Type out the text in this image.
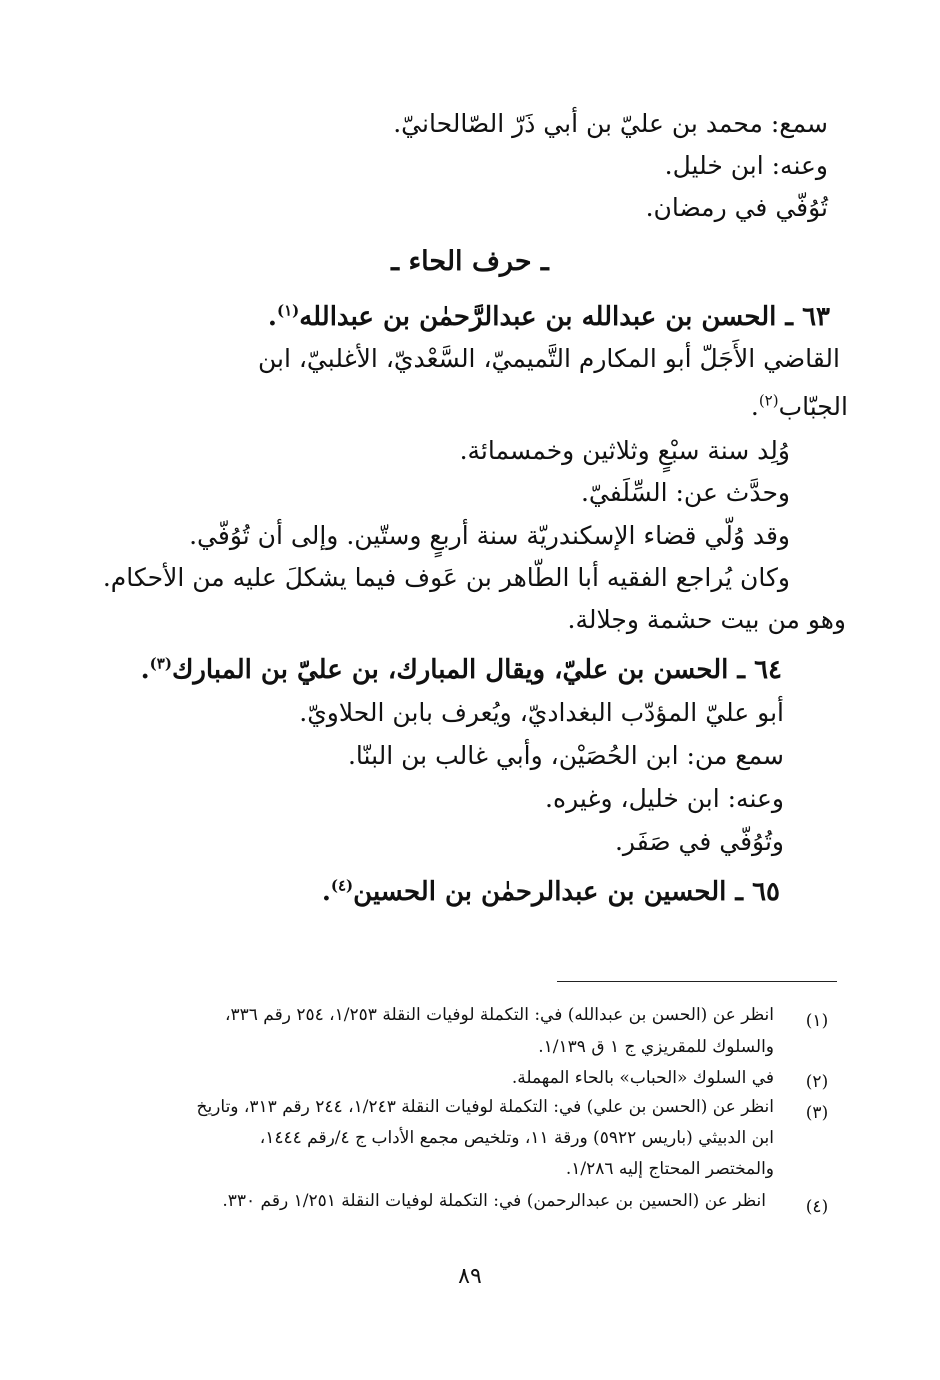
سمع: محمد بن عليّ بن أبي ذَرّ الصّالحانيّ.
وعنه: ابن خليل.
تُوُفّي في رمضان.
ـ حرف الحاء ـ
٦٣ ـ الحسن بن عبدالله بن عبدالرَّحمٰن بن عبدالله$^{(١)}$.
القاضي الأَجَلّ أبو المكارم التَّميميّ، السَّعْديّ، الأغلبيّ، ابن
الجبّاب$^{(٢)}$.
وُلِد سنة سبْعٍ وثلاثين وخمسمائة.
وحدَّث عن: السِّلَفيّ.
وقد وُلّي قضاء الإسكندريّة سنة أربعٍ وستّين. وإلى أن تُوُفّي.
وكان يُراجع الفقيه أبا الطّاهر بن عَوف فيما يشكلَ عليه من الأحكام.
وهو من بيت حشمة وجلالة.
٦٤ ـ الحسن بن عليّ، ويقال المبارك، بن عليّ بن المبارك$^{(٣)}$.
أبو عليّ المؤدّب البغداديّ، ويُعرف بابن الحلاويّ.
سمع من: ابن الحُصَيْن، وأبي غالب بن البنّا.
وعنه: ابن خليل، وغيره.
وتُوُفّي في صَفَر.
٦٥ ـ الحسين بن عبدالرحمٰن بن الحسين$^{(٤)}$.
(١)
انظر عن (الحسن بن عبدالله) في: التكملة لوفيات النقلة ١/٢٥٣، ٢٥٤ رقم ٣٣٦،
والسلوك للمقريزي ج ١ ق ١/١٣٩.
(٢)
في السلوك «الحباب» بالحاء المهملة.
(٣)
انظر عن (الحسن بن علي) في: التكملة لوفيات النقلة ١/٢٤٣، ٢٤٤ رقم ٣١٣، وتاريخ
ابن الدبيثي (باريس ٥٩٢٢) ورقة ١١، وتلخيص مجمع الأداب ج ٤/رقم ١٤٤٤،
والمختصر المحتاج إليه ١/٢٨٦.
(٤)
انظر عن (الحسين بن عبدالرحمن) في: التكملة لوفيات النقلة ١/٢٥١ رقم ٣٣٠.
٨٩
